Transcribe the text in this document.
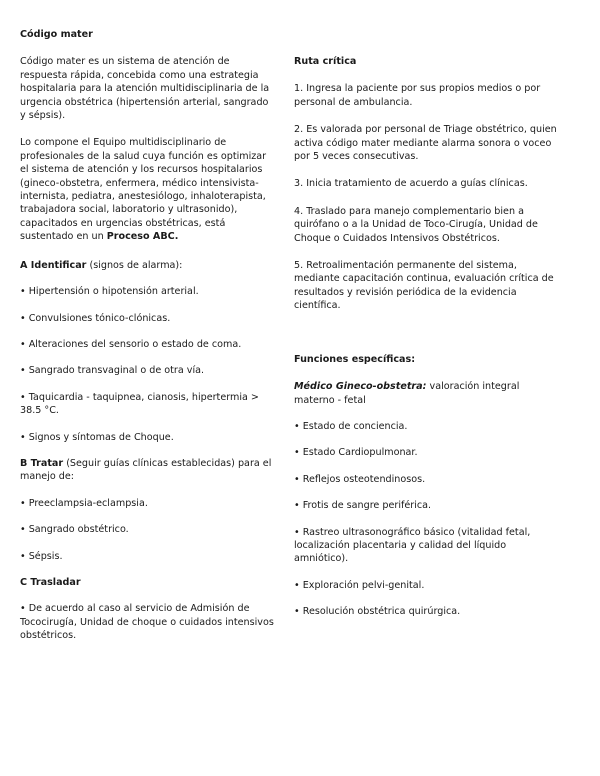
Código mater

Código mater es un sistema de atención de respuesta rápida, concebida como una estrategia hospitalaria para la atención multidisciplinaria de la urgencia obstétrica (hipertensión arterial, sangrado y sépsis).

Lo compone el Equipo multidisciplinario de profesionales de la salud cuya función es optimizar el sistema de atención y los recursos hospitalarios (gineco-obstetra, enfermera, médico intensivista-internista, pediatra, anestesiólogo, inhaloterapista, trabajadora social, laboratorio y ultrasonido), capacitados en urgencias obstétricas, está sustentado en un Proceso ABC.

A Identificar (signos de alarma):

• Hipertensión o hipotensión arterial.

• Convulsiones tónico-clónicas.

• Alteraciones del sensorio o estado de coma.

• Sangrado transvaginal o de otra vía.

• Taquicardia - taquipnea, cianosis, hipertermia > 38.5 °C.

• Signos y síntomas de Choque.

B Tratar (Seguir guías clínicas establecidas) para el manejo de:

• Preeclampsia-eclampsia.

• Sangrado obstétrico.

• Sépsis.

C Trasladar

• De acuerdo al caso al servicio de Admisión de Tococirugía, Unidad de choque o cuidados intensivos obstétricos.

Ruta crítica

1. Ingresa la paciente por sus propios medios o por personal de ambulancia.

2. Es valorada por personal de Triage obstétrico, quien activa código mater mediante alarma sonora o voceo por 5 veces consecutivas.

3. Inicia tratamiento de acuerdo a guías clínicas.

4. Traslado para manejo complementario bien a quirófano o a la Unidad de Toco-Cirugía, Unidad de Choque o Cuidados Intensivos Obstétricos.

5. Retroalimentación permanente del sistema, mediante capacitación continua, evaluación crítica de resultados y revisión periódica de la evidencia científica.

Funciones específicas:

Médico Gineco-obstetra: valoración integral materno - fetal

• Estado de conciencia.

• Estado Cardiopulmonar.

• Reflejos osteotendinosos.

• Frotis de sangre periférica.

• Rastreo ultrasonográfico básico (vitalidad fetal, localización placentaria y calidad del líquido amniótico).

• Exploración pelvi-genital.

• Resolución obstétrica quirúrgica.
